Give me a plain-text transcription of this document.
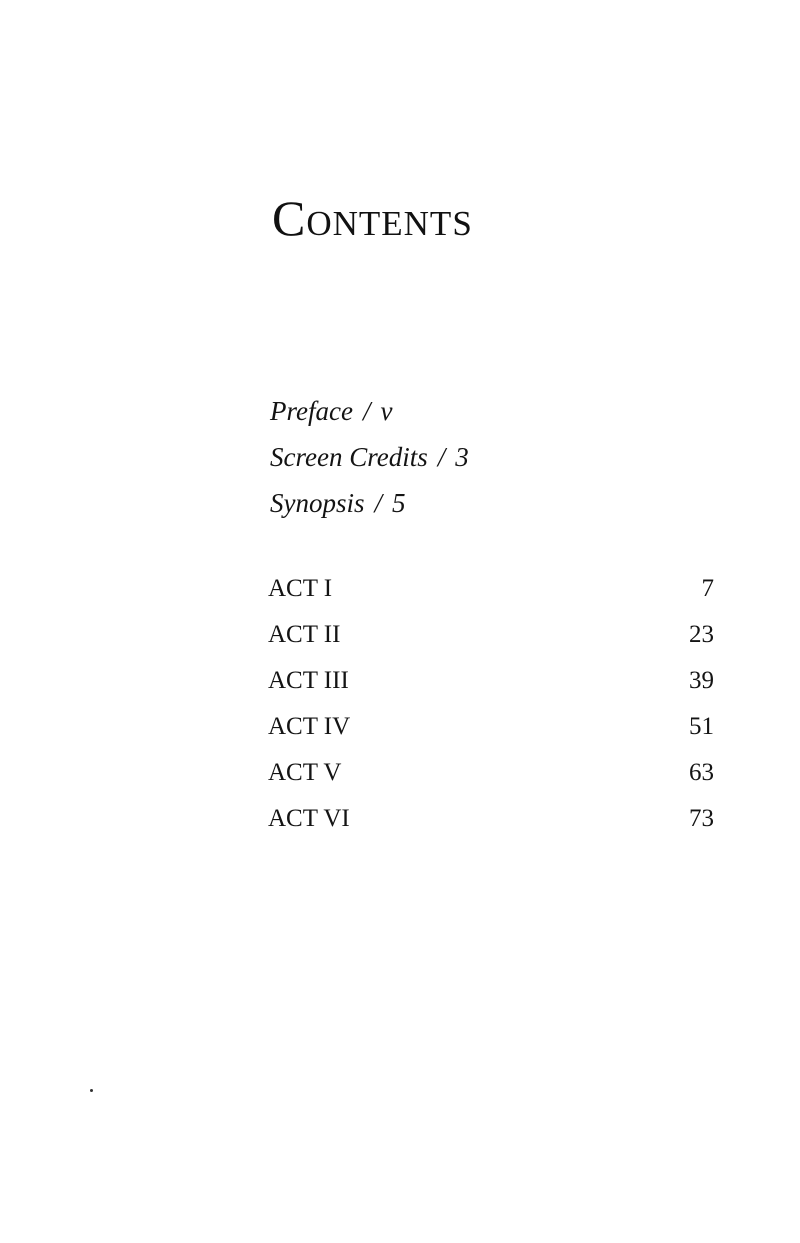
Contents
Preface / v
Screen Credits / 3
Synopsis / 5
ACT I	7
ACT II	23
ACT III	39
ACT IV	51
ACT V	63
ACT VI	73
